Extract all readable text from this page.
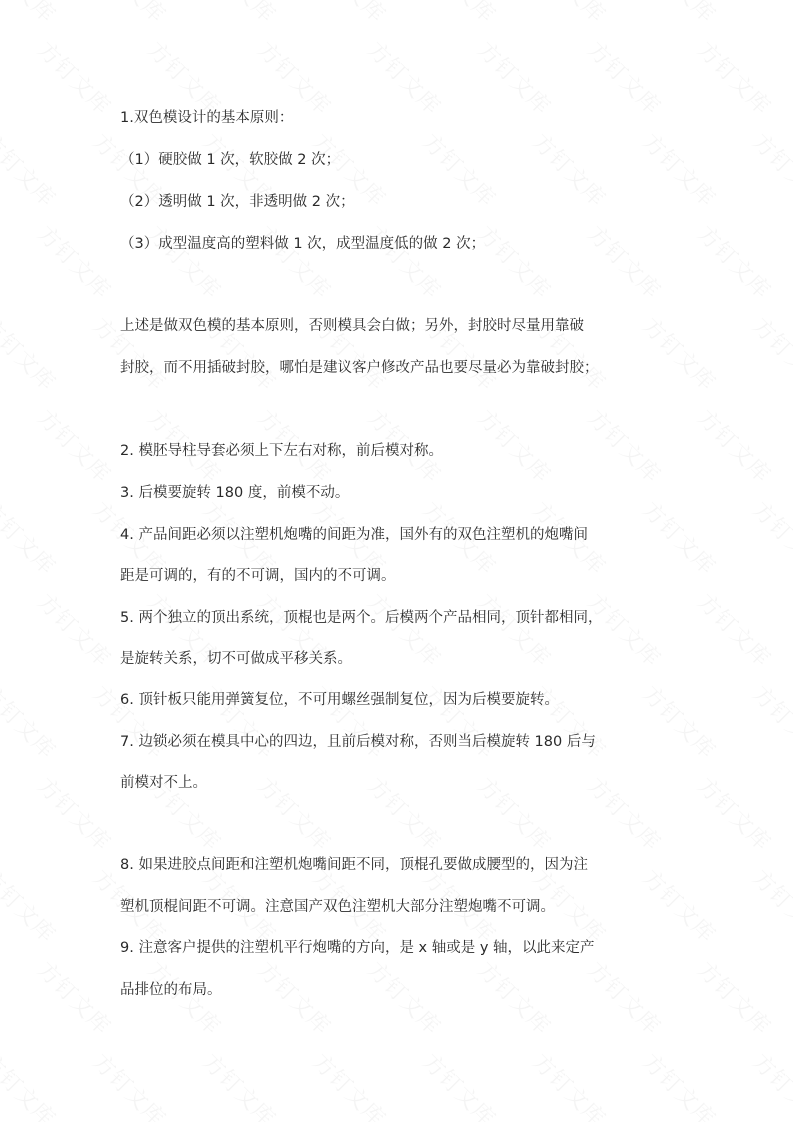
1.双色模设计的基本原则：
（1）硬胶做 1 次，软胶做 2 次；
（2）透明做 1 次，非透明做 2 次；
（3）成型温度高的塑料做 1 次，成型温度低的做 2 次；
上述是做双色模的基本原则，否则模具会白做；另外，封胶时尽量用靠破
封胶，而不用插破封胶，哪怕是建议客户修改产品也要尽量必为靠破封胶；
2. 模胚导柱导套必须上下左右对称，前后模对称。
3. 后模要旋转 180 度，前模不动。
4. 产品间距必须以注塑机炮嘴的间距为准，国外有的双色注塑机的炮嘴间
距是可调的，有的不可调，国内的不可调。
5. 两个独立的顶出系统，顶棍也是两个。后模两个产品相同，顶针都相同，
是旋转关系，切不可做成平移关系。
6. 顶针板只能用弹簧复位，不可用螺丝强制复位，因为后模要旋转。
7. 边锁必须在模具中心的四边，且前后模对称，否则当后模旋转 180 后与
前模对不上。
8. 如果进胶点间距和注塑机炮嘴间距不同，顶棍孔要做成腰型的，因为注
塑机顶棍间距不可调。注意国产双色注塑机大部分注塑炮嘴不可调。
9. 注意客户提供的注塑机平行炮嘴的方向，是 x 轴或是 y 轴，以此来定产
品排位的布局。
